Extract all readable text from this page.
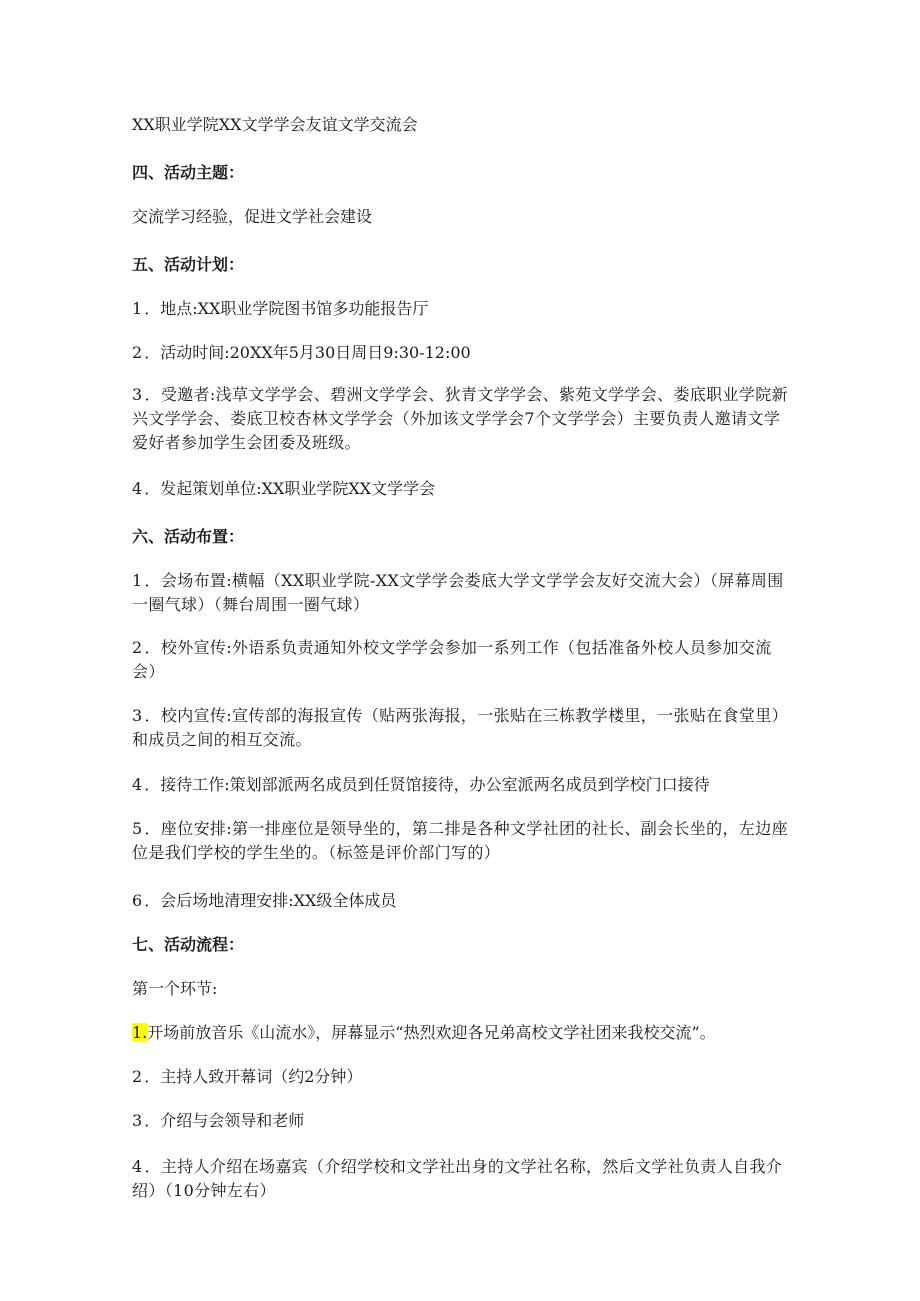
XX职业学院XX文学学会友谊文学交流会
四、活动主题：
交流学习经验，促进文学社会建设
五、活动计划：
1 ．地点:XX职业学院图书馆多功能报告厅
2 ．活动时间:20XX年5月30日周日9:30-12:00
3 ．受邀者:浅草文学学会、碧洲文学学会、狄青文学学会、紫苑文学学会、娄底职业学院新兴文学学会、娄底卫校杏林文学学会（外加该文学学会7个文学学会）主要负责人邀请文学爱好者参加学生会团委及班级。
4 ．发起策划单位:XX职业学院XX文学学会
六、活动布置：
1 ．会场布置:横幅（XX职业学院-XX文学学会娄底大学文学学会友好交流大会）（屏幕周围一圈气球）（舞台周围一圈气球）
2 ．校外宣传:外语系负责通知外校文学学会参加一系列工作（包括准备外校人员参加交流会）
3 ．校内宣传:宣传部的海报宣传（贴两张海报，一张贴在三栋教学楼里，一张贴在食堂里）和成员之间的相互交流。
4 ．接待工作:策划部派两名成员到任贤馆接待，办公室派两名成员到学校门口接待
5 ．座位安排:第一排座位是领导坐的，第二排是各种文学社团的社长、副会长坐的，左边座位是我们学校的学生坐的。（标签是评价部门写的）
6 ．会后场地清理安排:XX级全体成员
七、活动流程：
第一个环节:
1.开场前放音乐《山流水》，屏幕显示“热烈欢迎各兄弟高校文学社团来我校交流”。
2 ．主持人致开幕词（约2分钟）
3 ．介绍与会领导和老师
4 ．主持人介绍在场嘉宾（介绍学校和文学社出身的文学社名称，然后文学社负责人自我介绍）（10分钟左右）
